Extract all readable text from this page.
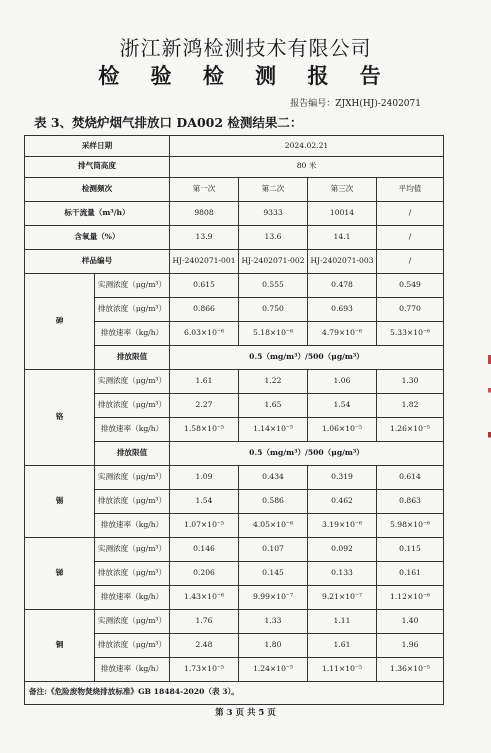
浙江新鸿检测技术有限公司
检 验 检 测 报 告
报告编号：ZJXH(HJ)-2402071
表 3、焚烧炉烟气排放口 DA002 检测结果二：
采样日期		2024.02.21			
排气筒高度		80 米			
检测频次		第一次	第二次	第三次	平均值
标干流量（m³/h）		9808	9333	10014	/
含氧量（%）		13.9	13.6	14.1	/
样品编号		HJ-2402071-001	HJ-2402071-002	HJ-2402071-003	/
砷	实测浓度（μg/m³）	0.615	0.555	0.478	0.549
	排放浓度（μg/m³）	0.866	0.750	0.693	0.770
	排放速率（kg/h）	6.03×10⁻⁶	5.18×10⁻⁶	4.79×10⁻⁶	5.33×10⁻⁶
	排放限值	0.5（mg/m³）/500（μg/m³）			
铬	实测浓度（μg/m³）	1.61	1.22	1.06	1.30
	排放浓度（μg/m³）	2.27	1.65	1.54	1.82
	排放速率（kg/h）	1.58×10⁻⁵	1.14×10⁻⁵	1.06×10⁻⁵	1.26×10⁻⁵
	排放限值	0.5（mg/m³）/500（μg/m³）			
锡	实测浓度（μg/m³）	1.09	0.434	0.319	0.614
	排放浓度（μg/m³）	1.54	0.586	0.462	0.863
	排放速率（kg/h）	1.07×10⁻⁵	4.05×10⁻⁶	3.19×10⁻⁶	5.98×10⁻⁶
锑	实测浓度（μg/m³）	0.146	0.107	0.092	0.115
	排放浓度（μg/m³）	0.206	0.145	0.133	0.161
	排放速率（kg/h）	1.43×10⁻⁶	9.99×10⁻⁷	9.21×10⁻⁷	1.12×10⁻⁶
铜	实测浓度（μg/m³）	1.76	1.33	1.11	1.40
	排放浓度（μg/m³）	2.48	1.80	1.61	1.96
	排放速率（kg/h）	1.73×10⁻⁵	1.24×10⁻⁵	1.11×10⁻⁵	1.36×10⁻⁵
备注:《危险废物焚烧排放标准》GB 18484-2020（表 3）。					
第 3 页 共 5 页
